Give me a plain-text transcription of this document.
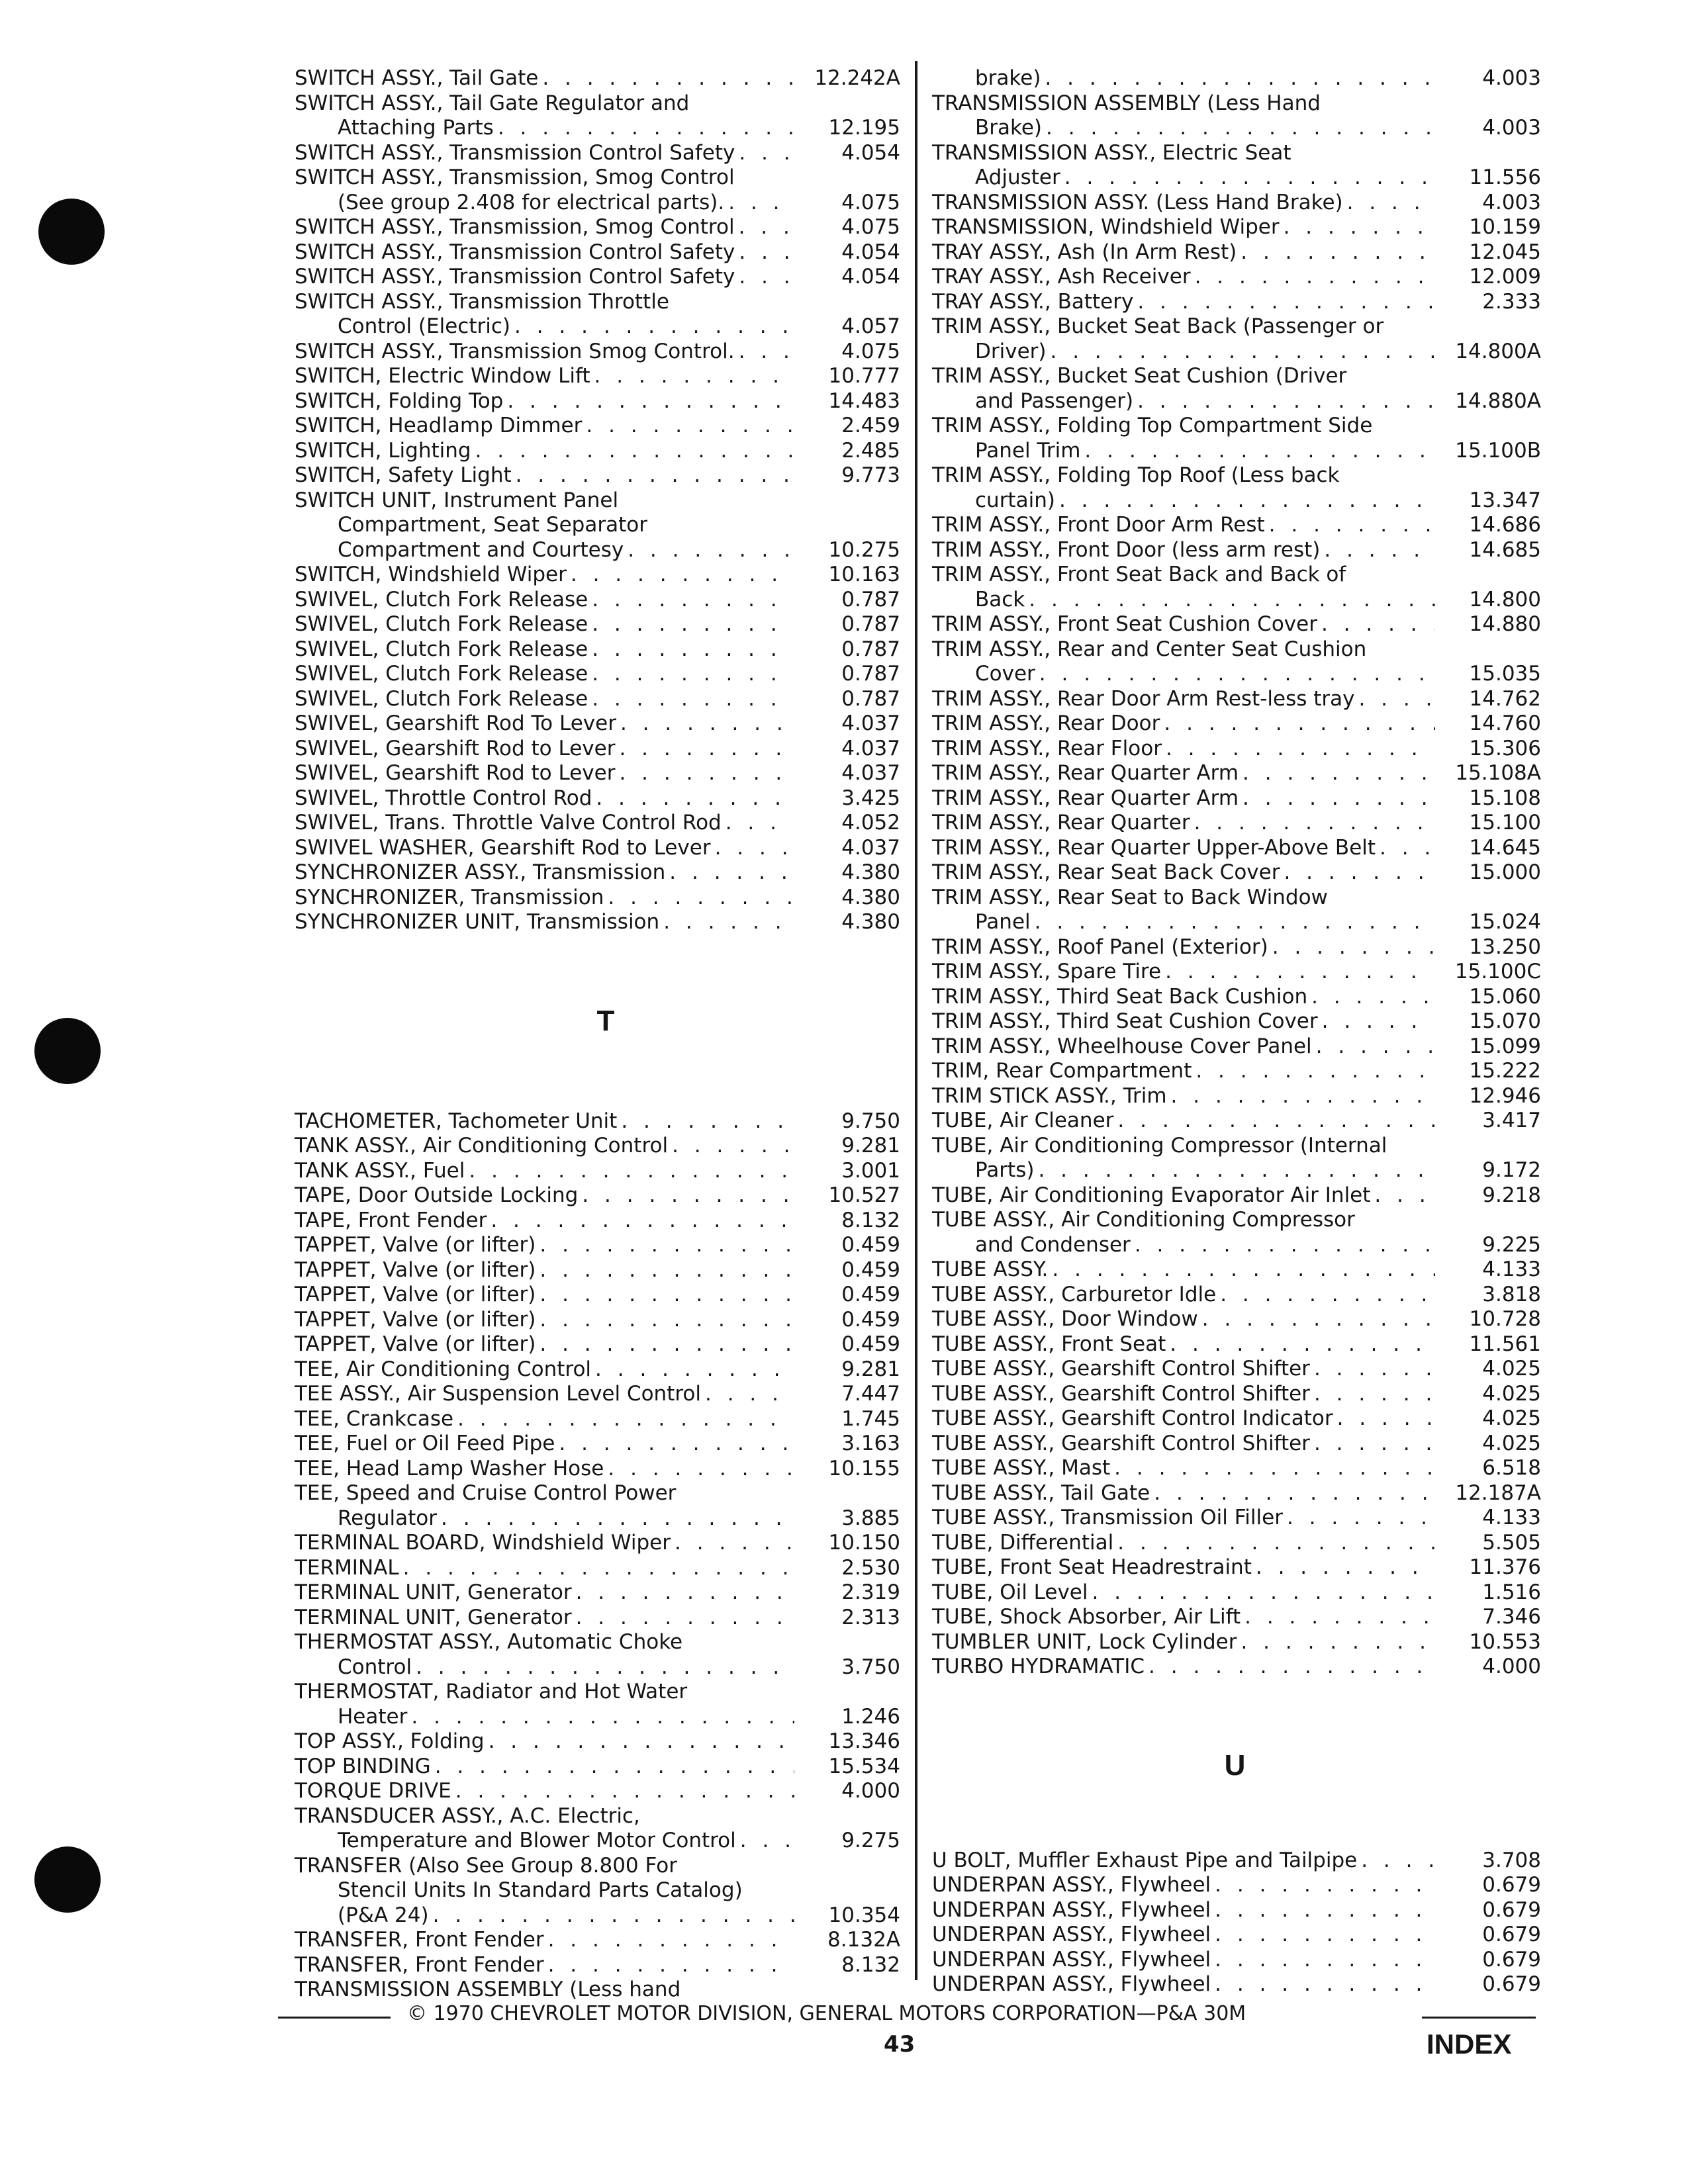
SWITCH ASSY., Tail Gate . . .	12.242A
SWITCH ASSY., Tail Gate Regulator and
Attaching Parts . . .	12.195
SWITCH ASSY., Transmission Control Safety . . .	4.054
SWITCH ASSY., Transmission, Smog Control
(See group 2.408 for electrical parts). . . .	4.075
SWITCH ASSY., Transmission, Smog Control . . .	4.075
SWITCH ASSY., Transmission Control Safety . . .	4.054
SWITCH ASSY., Transmission Control Safety . . .	4.054
SWITCH ASSY., Transmission Throttle
Control (Electric) . . .	4.057
SWITCH ASSY., Transmission Smog Control. . . .	4.075
SWITCH, Electric Window Lift . . .	10.777
SWITCH, Folding Top . . .	14.483
SWITCH, Headlamp Dimmer . . .	2.459
SWITCH, Lighting . . .	2.485
SWITCH, Safety Light . . .	9.773
SWITCH UNIT, Instrument Panel
Compartment, Seat Separator
Compartment and Courtesy . . .	10.275
SWITCH, Windshield Wiper . . .	10.163
SWIVEL, Clutch Fork Release . . .	0.787
SWIVEL, Clutch Fork Release . . .	0.787
SWIVEL, Clutch Fork Release . . .	0.787
SWIVEL, Clutch Fork Release . . .	0.787
SWIVEL, Clutch Fork Release . . .	0.787
SWIVEL, Gearshift Rod To Lever . . .	4.037
SWIVEL, Gearshift Rod to Lever . . .	4.037
SWIVEL, Gearshift Rod to Lever . . .	4.037
SWIVEL, Throttle Control Rod . . .	3.425
SWIVEL, Trans. Throttle Valve Control Rod . . .	4.052
SWIVEL WASHER, Gearshift Rod to Lever . . .	4.037
SYNCHRONIZER ASSY., Transmission . . .	4.380
SYNCHRONIZER, Transmission . . .	4.380
SYNCHRONIZER UNIT, Transmission . . .	4.380
T
TACHOMETER, Tachometer Unit . . .	9.750
TANK ASSY., Air Conditioning Control . . .	9.281
TANK ASSY., Fuel . . .	3.001
TAPE, Door Outside Locking . . .	10.527
TAPE, Front Fender . . .	8.132
TAPPET, Valve (or lifter) . . .	0.459
TAPPET, Valve (or lifter) . . .	0.459
TAPPET, Valve (or lifter) . . .	0.459
TAPPET, Valve (or lifter) . . .	0.459
TAPPET, Valve (or lifter) . . .	0.459
TEE, Air Conditioning Control . . .	9.281
TEE ASSY., Air Suspension Level Control . . .	7.447
TEE, Crankcase . . .	1.745
TEE, Fuel or Oil Feed Pipe . . .	3.163
TEE, Head Lamp Washer Hose . . .	10.155
TEE, Speed and Cruise Control Power
Regulator . . .	3.885
TERMINAL BOARD, Windshield Wiper . . .	10.150
TERMINAL . . .	2.530
TERMINAL UNIT, Generator . . .	2.319
TERMINAL UNIT, Generator . . .	2.313
THERMOSTAT ASSY., Automatic Choke
Control . . .	3.750
THERMOSTAT, Radiator and Hot Water
Heater . . .	1.246
TOP ASSY., Folding . . .	13.346
TOP BINDING . . .	15.534
TORQUE DRIVE . . .	4.000
TRANSDUCER ASSY., A.C. Electric,
Temperature and Blower Motor Control . . .	9.275
TRANSFER (Also See Group 8.800 For
Stencil Units In Standard Parts Catalog)
(P&A 24) . . .	10.354
TRANSFER, Front Fender . . .	8.132A
TRANSFER, Front Fender . . .	8.132
TRANSMISSION ASSEMBLY (Less hand
brake) . . .	4.003
TRANSMISSION ASSEMBLY (Less Hand
Brake) . . .	4.003
TRANSMISSION ASSY., Electric Seat
Adjuster . . .	11.556
TRANSMISSION ASSY. (Less Hand Brake) . . .	4.003
TRANSMISSION, Windshield Wiper . . .	10.159
TRAY ASSY., Ash (In Arm Rest) . . .	12.045
TRAY ASSY., Ash Receiver . . .	12.009
TRAY ASSY., Battery . . .	2.333
TRIM ASSY., Bucket Seat Back (Passenger or
Driver) . . .	14.800A
TRIM ASSY., Bucket Seat Cushion (Driver
and Passenger) . . .	14.880A
TRIM ASSY., Folding Top Compartment Side
Panel Trim . . .	15.100B
TRIM ASSY., Folding Top Roof (Less back
curtain) . . .	13.347
TRIM ASSY., Front Door Arm Rest . . .	14.686
TRIM ASSY., Front Door (less arm rest) . . .	14.685
TRIM ASSY., Front Seat Back and Back of
Back . . .	14.800
TRIM ASSY., Front Seat Cushion Cover . . .	14.880
TRIM ASSY., Rear and Center Seat Cushion
Cover . . .	15.035
TRIM ASSY., Rear Door Arm Rest-less tray . . .	14.762
TRIM ASSY., Rear Door . . .	14.760
TRIM ASSY., Rear Floor . . .	15.306
TRIM ASSY., Rear Quarter Arm . . .	15.108A
TRIM ASSY., Rear Quarter Arm . . .	15.108
TRIM ASSY., Rear Quarter . . .	15.100
TRIM ASSY., Rear Quarter Upper-Above Belt . . .	14.645
TRIM ASSY., Rear Seat Back Cover . . .	15.000
TRIM ASSY., Rear Seat to Back Window
Panel . . .	15.024
TRIM ASSY., Roof Panel (Exterior) . . .	13.250
TRIM ASSY., Spare Tire . . .	15.100C
TRIM ASSY., Third Seat Back Cushion . . .	15.060
TRIM ASSY., Third Seat Cushion Cover . . .	15.070
TRIM ASSY., Wheelhouse Cover Panel . . .	15.099
TRIM, Rear Compartment . . .	15.222
TRIM STICK ASSY., Trim . . .	12.946
TUBE, Air Cleaner . . .	3.417
TUBE, Air Conditioning Compressor (Internal
Parts) . . .	9.172
TUBE, Air Conditioning Evaporator Air Inlet . . .	9.218
TUBE ASSY., Air Conditioning Compressor
and Condenser . . .	9.225
TUBE ASSY. . . .	4.133
TUBE ASSY., Carburetor Idle . . .	3.818
TUBE ASSY., Door Window . . .	10.728
TUBE ASSY., Front Seat . . .	11.561
TUBE ASSY., Gearshift Control Shifter . . .	4.025
TUBE ASSY., Gearshift Control Shifter . . .	4.025
TUBE ASSY., Gearshift Control Indicator . . .	4.025
TUBE ASSY., Gearshift Control Shifter . . .	4.025
TUBE ASSY., Mast . . .	6.518
TUBE ASSY., Tail Gate . . .	12.187A
TUBE ASSY., Transmission Oil Filler . . .	4.133
TUBE, Differential . . .	5.505
TUBE, Front Seat Headrestraint . . .	11.376
TUBE, Oil Level . . .	1.516
TUBE, Shock Absorber, Air Lift . . .	7.346
TUMBLER UNIT, Lock Cylinder . . .	10.553
TURBO HYDRAMATIC . . .	4.000
U
U BOLT, Muffler Exhaust Pipe and Tailpipe . . .	3.708
UNDERPAN ASSY., Flywheel . . .	0.679
UNDERPAN ASSY., Flywheel . . .	0.679
UNDERPAN ASSY., Flywheel . . .	0.679
UNDERPAN ASSY., Flywheel . . .	0.679
UNDERPAN ASSY., Flywheel . . .	0.679
© 1970 CHEVROLET MOTOR DIVISION, GENERAL MOTORS CORPORATION—P&A 30M
43	INDEX
